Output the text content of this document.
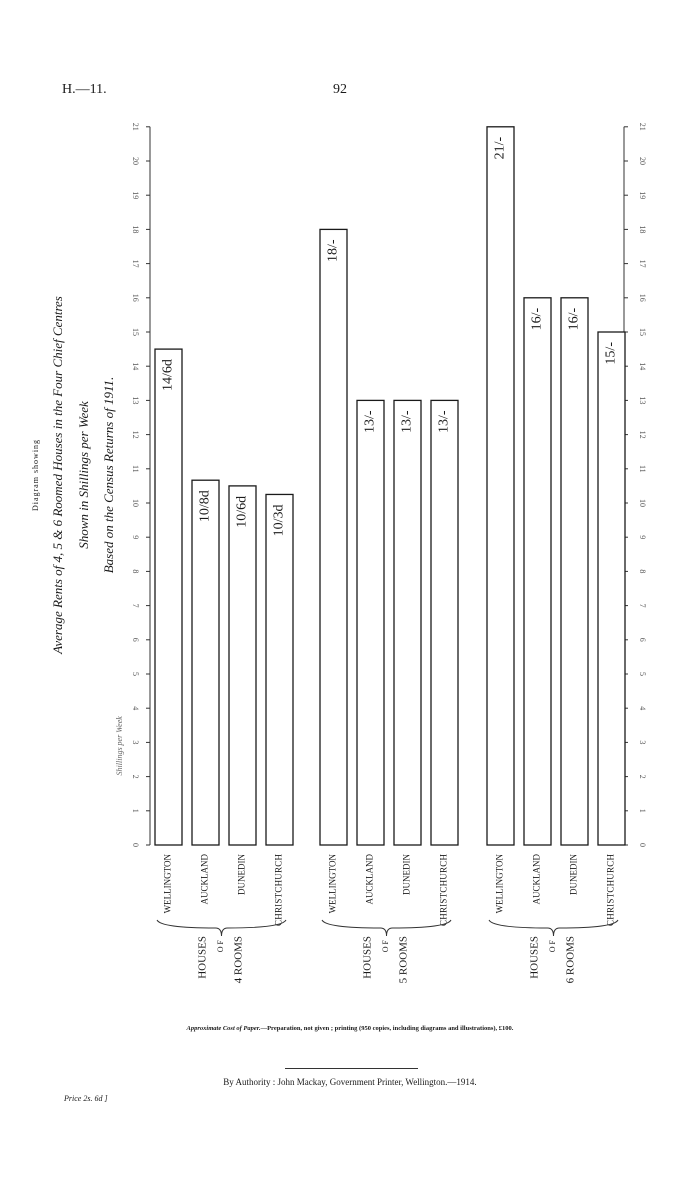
H.—11.	92
0	0
1	1
2	2
3	3
4	4
5	5
6	6
7	7
8	8
9	9
10	10
11	11
12	12
13	13
14	14
15	15
16	16
17	17
18	18
19	19
20	20
21	21
Shillings per Week
Diagram showing Average Rents of 4, 5 & 6 Roomed Houses in the Four Chief Centres Shown in Shillings per Week Based on the Census Returns of 1911.
14/6d
WELLINGTON
10/8d
AUCKLAND
10/6d
DUNEDIN
10/3d
CHRISTCHURCH
HOUSES OF 4 ROOMS
18/-
WELLINGTON
13/-
AUCKLAND
13/-
DUNEDIN
13/-
CHRISTCHURCH
HOUSES OF 5 ROOMS
21/-
WELLINGTON
16/-
AUCKLAND
16/-
DUNEDIN
15/-
CHRISTCHURCH
HOUSES OF 6 ROOMS
Approximate Cost of Paper.—Preparation, not given ; printing (950 copies, including diagrams and illustrations), £100.
By Authority : John Mackay, Government Printer, Wellington.—1914.
Price 2s. 6d ]
